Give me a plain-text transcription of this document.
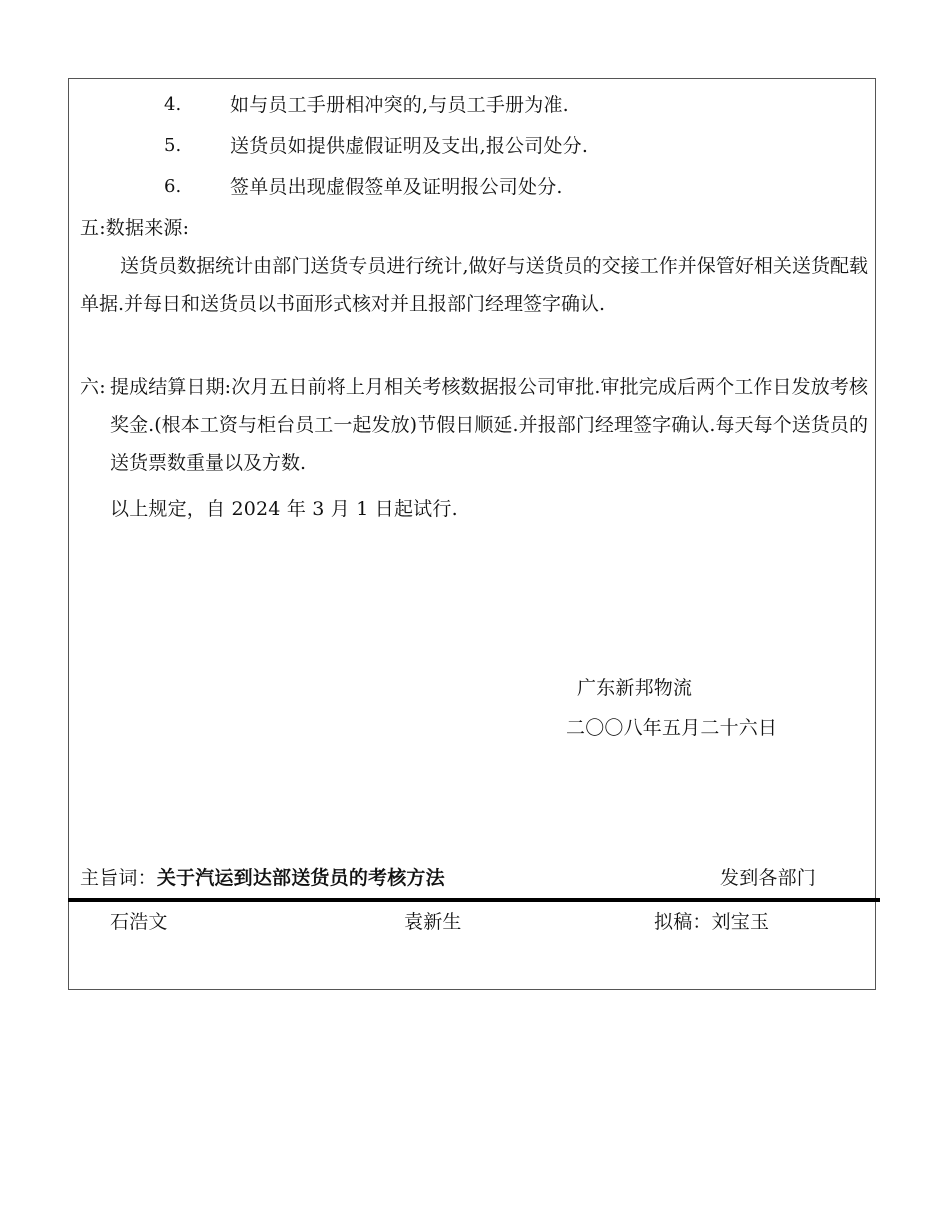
4.	如与员工手册相冲突的,与员工手册为准.
5.	送货员如提供虚假证明及支出,报公司处分.
6.	签单员出现虚假签单及证明报公司处分.
五:数据来源:
送货员数据统计由部门送货专员进行统计,做好与送货员的交接工作并保管好相关送货配载单据.并每日和送货员以书面形式核对并且报部门经理签字确认.
六: 提成结算日期:次月五日前将上月相关考核数据报公司审批.审批完成后两个工作日发放考核奖金.(根本工资与柜台员工一起发放)节假日顺延.并报部门经理签字确认.每天每个送货员的送货票数重量以及方数.
以上规定，自 2024 年 3 月 1 日起试行.
广东新邦物流
二〇〇八年五月二十六日
主旨词：关于汽运到达部送货员的考核方法	发到各部门
石浩文	袁新生	拟稿：刘宝玉
